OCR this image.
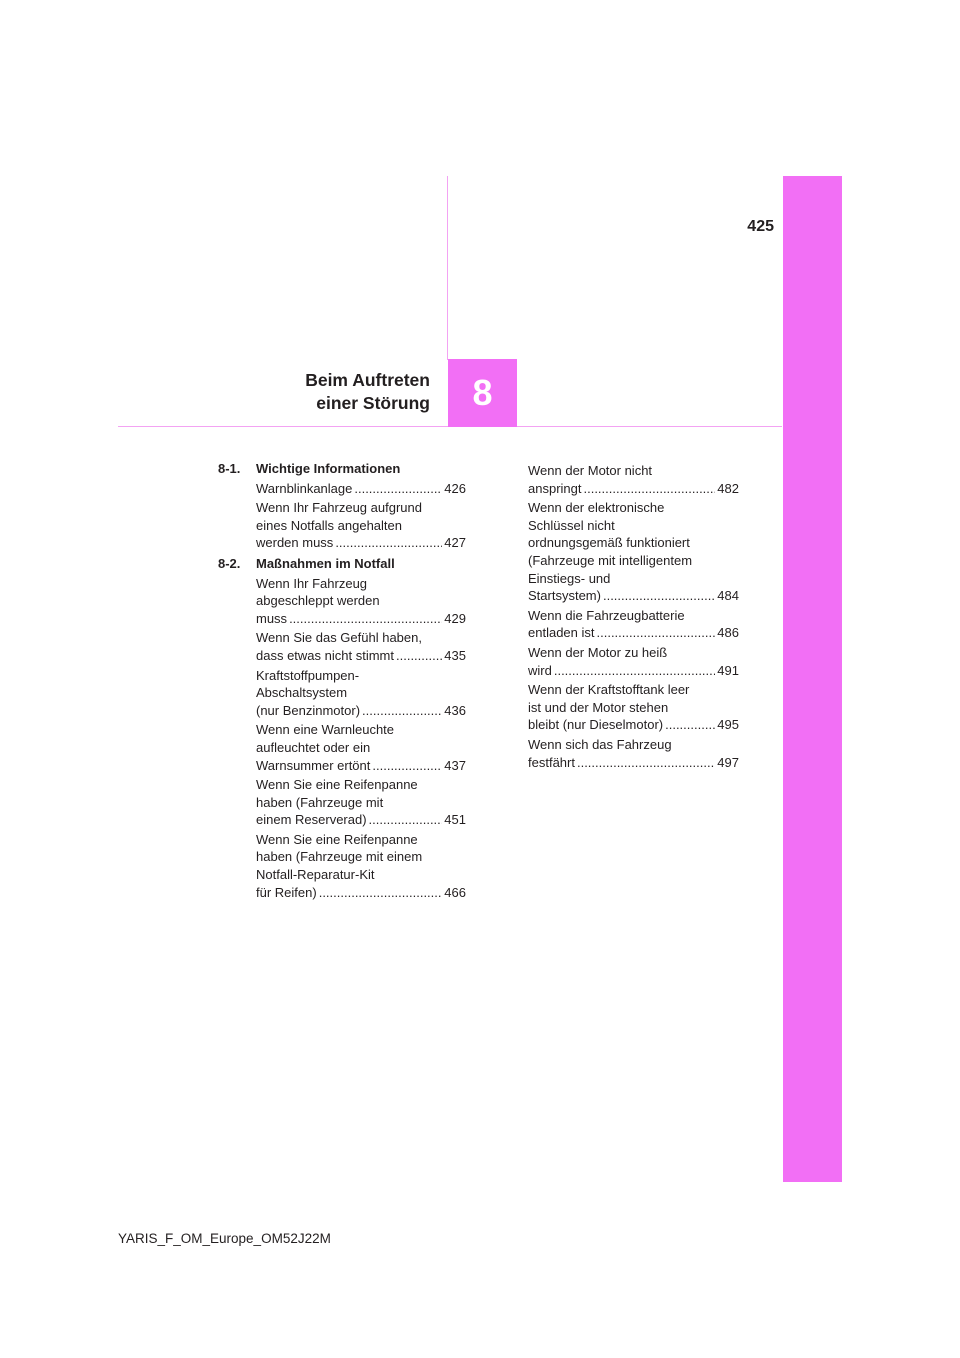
425
Beim Auftreten
einer Störung 8
8-1.	Wichtige Informationen
Warnblinkanlage .....	426
Wenn Ihr Fahrzeug aufgrund
eines Notfalls angehalten
werden muss .....	427
8-2.	Maßnahmen im Notfall
Wenn Ihr Fahrzeug
abgeschleppt werden
muss .....	429
Wenn Sie das Gefühl haben,
dass etwas nicht stimmt .....	435
Kraftstoffpumpen-
Abschaltsystem
(nur Benzinmotor) .....	436
Wenn eine Warnleuchte
aufleuchtet oder ein
Warnsummer ertönt .....	437
Wenn Sie eine Reifenpanne
haben (Fahrzeuge mit
einem Reserverad) .....	451
Wenn Sie eine Reifenpanne
haben (Fahrzeuge mit einem
Notfall-Reparatur-Kit
für Reifen) .....	466
Wenn der Motor nicht
anspringt .....	482
Wenn der elektronische
Schlüssel nicht
ordnungsgemäß funktioniert
(Fahrzeuge mit intelligentem
Einstiegs- und
Startsystem) .....	484
Wenn die Fahrzeugbatterie
entladen ist .....	486
Wenn der Motor zu heiß
wird .....	491
Wenn der Kraftstofftank leer
ist und der Motor stehen
bleibt (nur Dieselmotor) .....	495
Wenn sich das Fahrzeug
festfährt .....	497
YARIS_F_OM_Europe_OM52J22M
